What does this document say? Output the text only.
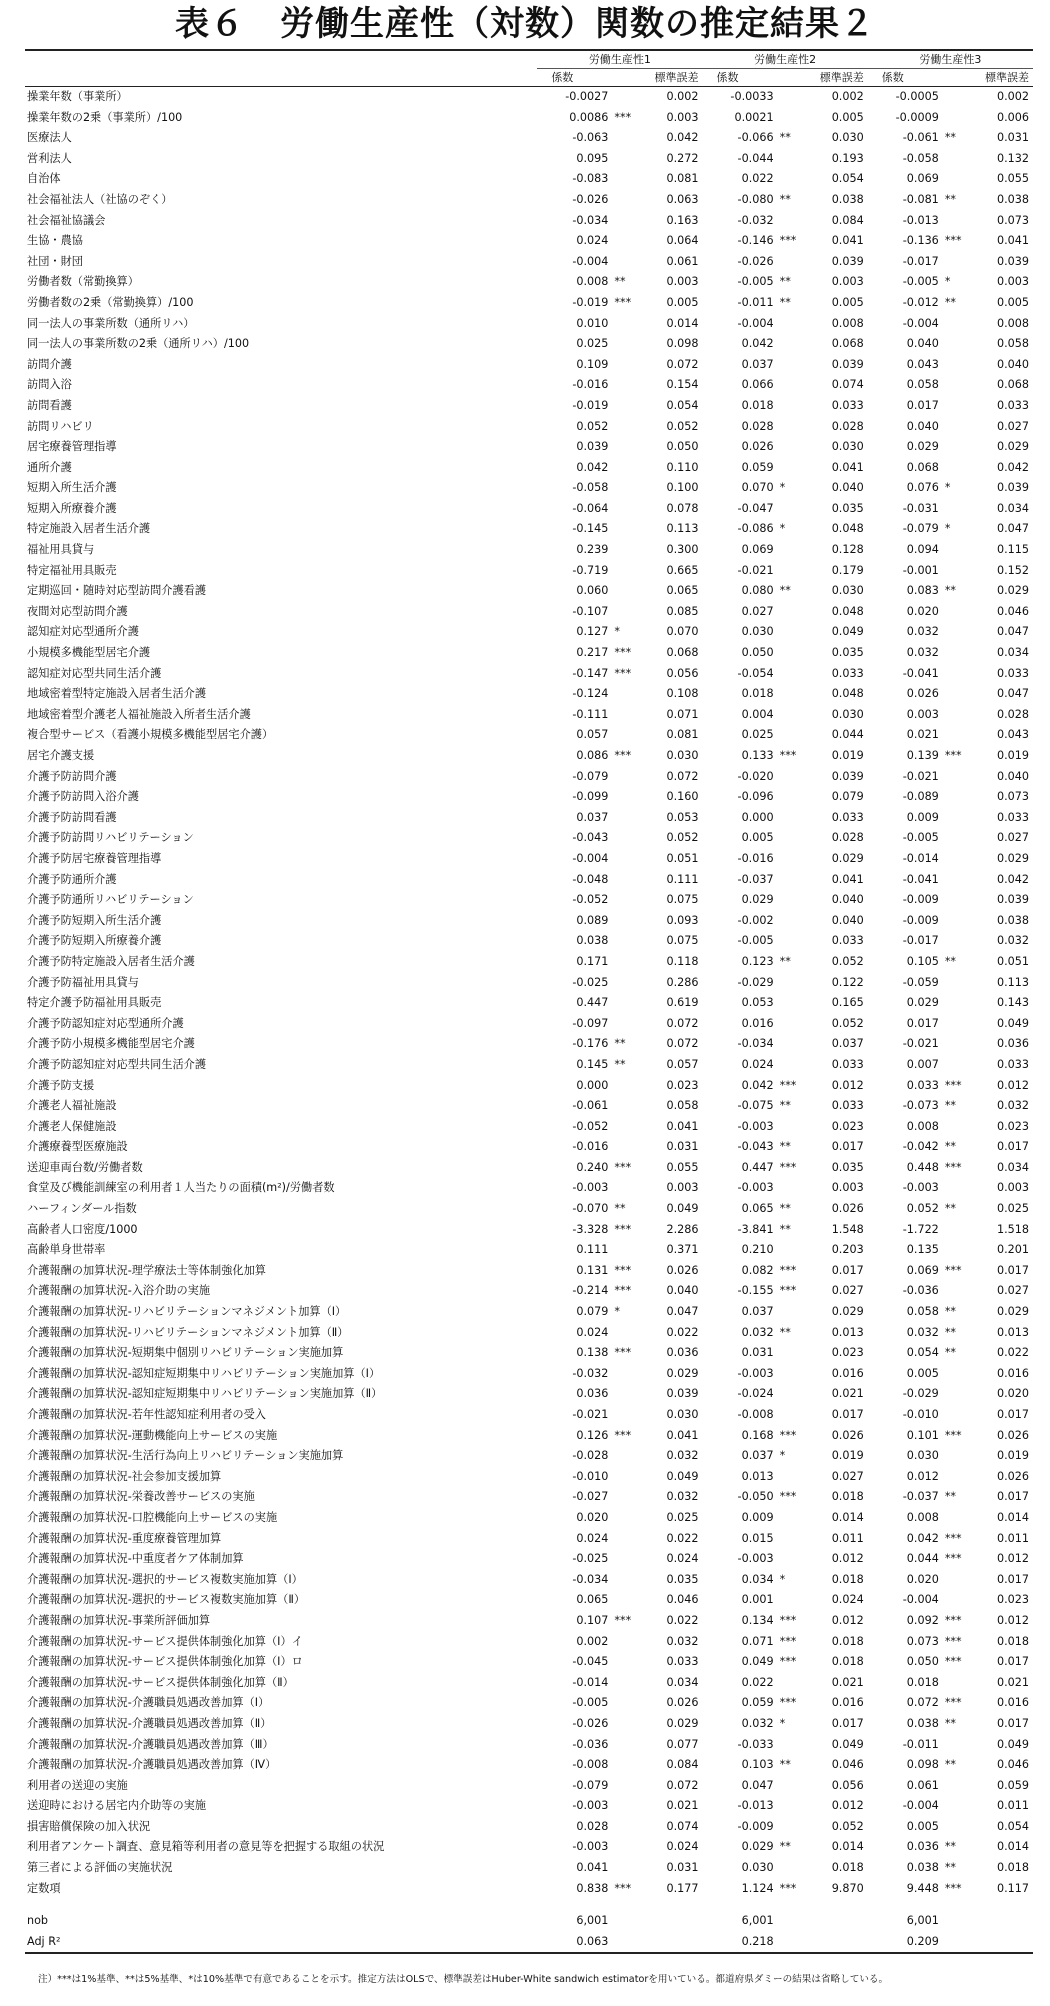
表６　労働生産性（対数）関数の推定結果２
	労働生産性1			労働生産性2			労働生産性3		
	係数		標準誤差	係数		標準誤差	係数		標準誤差
操業年数（事業所）	-0.0027		0.002	-0.0033		0.002	-0.0005		0.002
操業年数の2乗（事業所）/100	0.0086	***	0.003	0.0021		0.005	-0.0009		0.006
医療法人	-0.063		0.042	-0.066	**	0.030	-0.061	**	0.031
営利法人	0.095		0.272	-0.044		0.193	-0.058		0.132
自治体	-0.083		0.081	0.022		0.054	0.069		0.055
社会福祉法人（社協のぞく）	-0.026		0.063	-0.080	**	0.038	-0.081	**	0.038
社会福祉協議会	-0.034		0.163	-0.032		0.084	-0.013		0.073
生協・農協	0.024		0.064	-0.146	***	0.041	-0.136	***	0.041
社団・財団	-0.004		0.061	-0.026		0.039	-0.017		0.039
労働者数（常勤換算）	0.008	**	0.003	-0.005	**	0.003	-0.005	*	0.003
労働者数の2乗（常勤換算）/100	-0.019	***	0.005	-0.011	**	0.005	-0.012	**	0.005
同一法人の事業所数（通所リハ）	0.010		0.014	-0.004		0.008	-0.004		0.008
同一法人の事業所数の2乗（通所リハ）/100	0.025		0.098	0.042		0.068	0.040		0.058
訪問介護	0.109		0.072	0.037		0.039	0.043		0.040
訪問入浴	-0.016		0.154	0.066		0.074	0.058		0.068
訪問看護	-0.019		0.054	0.018		0.033	0.017		0.033
訪問リハビリ	0.052		0.052	0.028		0.028	0.040		0.027
居宅療養管理指導	0.039		0.050	0.026		0.030	0.029		0.029
通所介護	0.042		0.110	0.059		0.041	0.068		0.042
短期入所生活介護	-0.058		0.100	0.070	*	0.040	0.076	*	0.039
短期入所療養介護	-0.064		0.078	-0.047		0.035	-0.031		0.034
特定施設入居者生活介護	-0.145		0.113	-0.086	*	0.048	-0.079	*	0.047
福祉用具貸与	0.239		0.300	0.069		0.128	0.094		0.115
特定福祉用具販売	-0.719		0.665	-0.021		0.179	-0.001		0.152
定期巡回・随時対応型訪問介護看護	0.060		0.065	0.080	**	0.030	0.083	**	0.029
夜間対応型訪問介護	-0.107		0.085	0.027		0.048	0.020		0.046
認知症対応型通所介護	0.127	*	0.070	0.030		0.049	0.032		0.047
小規模多機能型居宅介護	0.217	***	0.068	0.050		0.035	0.032		0.034
認知症対応型共同生活介護	-0.147	***	0.056	-0.054		0.033	-0.041		0.033
地域密着型特定施設入居者生活介護	-0.124		0.108	0.018		0.048	0.026		0.047
地域密着型介護老人福祉施設入所者生活介護	-0.111		0.071	0.004		0.030	0.003		0.028
複合型サービス（看護小規模多機能型居宅介護）	0.057		0.081	0.025		0.044	0.021		0.043
居宅介護支援	0.086	***	0.030	0.133	***	0.019	0.139	***	0.019
介護予防訪問介護	-0.079		0.072	-0.020		0.039	-0.021		0.040
介護予防訪問入浴介護	-0.099		0.160	-0.096		0.079	-0.089		0.073
介護予防訪問看護	0.037		0.053	0.000		0.033	0.009		0.033
介護予防訪問リハビリテーション	-0.043		0.052	0.005		0.028	-0.005		0.027
介護予防居宅療養管理指導	-0.004		0.051	-0.016		0.029	-0.014		0.029
介護予防通所介護	-0.048		0.111	-0.037		0.041	-0.041		0.042
介護予防通所リハビリテーション	-0.052		0.075	0.029		0.040	-0.009		0.039
介護予防短期入所生活介護	0.089		0.093	-0.002		0.040	-0.009		0.038
介護予防短期入所療養介護	0.038		0.075	-0.005		0.033	-0.017		0.032
介護予防特定施設入居者生活介護	0.171		0.118	0.123	**	0.052	0.105	**	0.051
介護予防福祉用具貸与	-0.025		0.286	-0.029		0.122	-0.059		0.113
特定介護予防福祉用具販売	0.447		0.619	0.053		0.165	0.029		0.143
介護予防認知症対応型通所介護	-0.097		0.072	0.016		0.052	0.017		0.049
介護予防小規模多機能型居宅介護	-0.176	**	0.072	-0.034		0.037	-0.021		0.036
介護予防認知症対応型共同生活介護	0.145	**	0.057	0.024		0.033	0.007		0.033
介護予防支援	0.000		0.023	0.042	***	0.012	0.033	***	0.012
介護老人福祉施設	-0.061		0.058	-0.075	**	0.033	-0.073	**	0.032
介護老人保健施設	-0.052		0.041	-0.003		0.023	0.008		0.023
介護療養型医療施設	-0.016		0.031	-0.043	**	0.017	-0.042	**	0.017
送迎車両台数/労働者数	0.240	***	0.055	0.447	***	0.035	0.448	***	0.034
食堂及び機能訓練室の利用者１人当たりの面積(m²)/労働者数	-0.003		0.003	-0.003		0.003	-0.003		0.003
ハーフィンダール指数	-0.070	**	0.049	0.065	**	0.026	0.052	**	0.025
高齢者人口密度/1000	-3.328	***	2.286	-3.841	**	1.548	-1.722		1.518
高齢単身世帯率	0.111		0.371	0.210		0.203	0.135		0.201
介護報酬の加算状況-理学療法士等体制強化加算	0.131	***	0.026	0.082	***	0.017	0.069	***	0.017
介護報酬の加算状況-入浴介助の実施	-0.214	***	0.040	-0.155	***	0.027	-0.036		0.027
介護報酬の加算状況-リハビリテーションマネジメント加算（Ⅰ）	0.079	*	0.047	0.037		0.029	0.058	**	0.029
介護報酬の加算状況-リハビリテーションマネジメント加算（Ⅱ）	0.024		0.022	0.032	**	0.013	0.032	**	0.013
介護報酬の加算状況-短期集中個別リハビリテーション実施加算	0.138	***	0.036	0.031		0.023	0.054	**	0.022
介護報酬の加算状況-認知症短期集中リハビリテーション実施加算（Ⅰ）	-0.032		0.029	-0.003		0.016	0.005		0.016
介護報酬の加算状況-認知症短期集中リハビリテーション実施加算（Ⅱ）	0.036		0.039	-0.024		0.021	-0.029		0.020
介護報酬の加算状況-若年性認知症利用者の受入	-0.021		0.030	-0.008		0.017	-0.010		0.017
介護報酬の加算状況-運動機能向上サービスの実施	0.126	***	0.041	0.168	***	0.026	0.101	***	0.026
介護報酬の加算状況-生活行為向上リハビリテーション実施加算	-0.028		0.032	0.037	*	0.019	0.030		0.019
介護報酬の加算状況-社会参加支援加算	-0.010		0.049	0.013		0.027	0.012		0.026
介護報酬の加算状況-栄養改善サービスの実施	-0.027		0.032	-0.050	***	0.018	-0.037	**	0.017
介護報酬の加算状況-口腔機能向上サービスの実施	0.020		0.025	0.009		0.014	0.008		0.014
介護報酬の加算状況-重度療養管理加算	0.024		0.022	0.015		0.011	0.042	***	0.011
介護報酬の加算状況-中重度者ケア体制加算	-0.025		0.024	-0.003		0.012	0.044	***	0.012
介護報酬の加算状況-選択的サービス複数実施加算（Ⅰ）	-0.034		0.035	0.034	*	0.018	0.020		0.017
介護報酬の加算状況-選択的サービス複数実施加算（Ⅱ）	0.065		0.046	0.001		0.024	-0.004		0.023
介護報酬の加算状況-事業所評価加算	0.107	***	0.022	0.134	***	0.012	0.092	***	0.012
介護報酬の加算状況-サービス提供体制強化加算（Ⅰ）イ	0.002		0.032	0.071	***	0.018	0.073	***	0.018
介護報酬の加算状況-サービス提供体制強化加算（Ⅰ）ロ	-0.045		0.033	0.049	***	0.018	0.050	***	0.017
介護報酬の加算状況-サービス提供体制強化加算（Ⅱ）	-0.014		0.034	0.022		0.021	0.018		0.021
介護報酬の加算状況-介護職員処遇改善加算（Ⅰ）	-0.005		0.026	0.059	***	0.016	0.072	***	0.016
介護報酬の加算状況-介護職員処遇改善加算（Ⅱ）	-0.026		0.029	0.032	*	0.017	0.038	**	0.017
介護報酬の加算状況-介護職員処遇改善加算（Ⅲ）	-0.036		0.077	-0.033		0.049	-0.011		0.049
介護報酬の加算状況-介護職員処遇改善加算（Ⅳ）	-0.008		0.084	0.103	**	0.046	0.098	**	0.046
利用者の送迎の実施	-0.079		0.072	0.047		0.056	0.061		0.059
送迎時における居宅内介助等の実施	-0.003		0.021	-0.013		0.012	-0.004		0.011
損害賠償保険の加入状況	0.028		0.074	-0.009		0.052	0.005		0.054
利用者アンケート調査、意見箱等利用者の意見等を把握する取組の状況	-0.003		0.024	0.029	**	0.014	0.036	**	0.014
第三者による評価の実施状況	0.041		0.031	0.030		0.018	0.038	**	0.018
定数項	0.838	***	0.177	1.124	***	9.870	9.448	***	0.117

nob	6,001			6,001			6,001		
Adj R²	0.063			0.218			0.209		
注）***は1%基準、**は5%基準、*は10%基準で有意であることを示す。推定方法はOLSで、標準誤差はHuber-White sandwich estimatorを用いている。都道府県ダミーの結果は省略している。
